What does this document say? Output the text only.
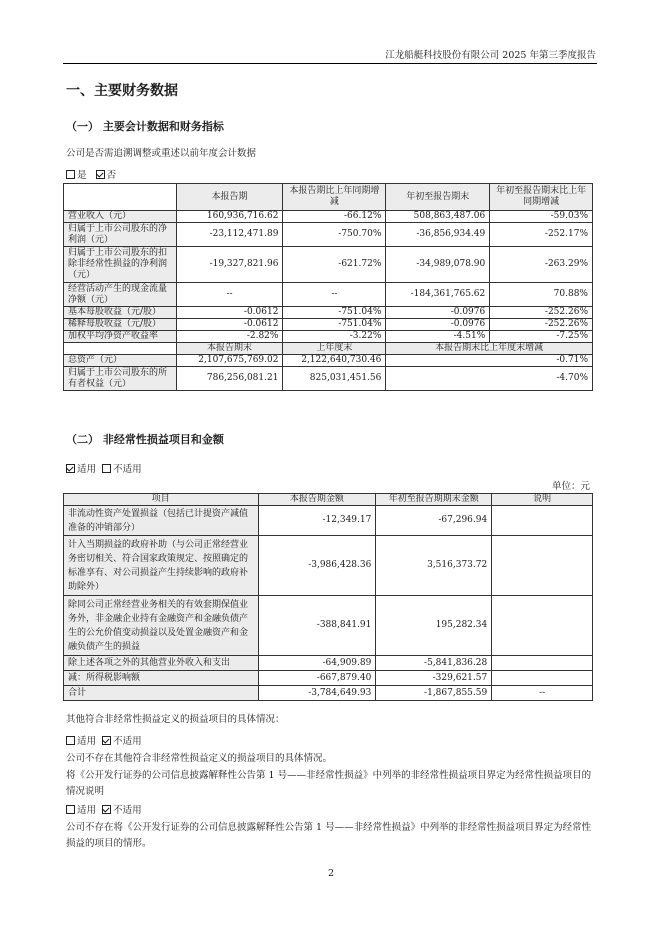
江龙船艇科技股份有限公司 2025 年第三季度报告
一、主要财务数据
（一） 主要会计数据和财务指标
公司是否需追溯调整或重述以前年度会计数据
是 否
	本报告期	本报告期比上年同期增减	年初至报告期末	年初至报告期末比上年同期增减
营业收入（元）	160,936,716.62	-66.12%	508,863,487.06	-59.03%
归属于上市公司股东的净利润（元）	-23,112,471.89	-750.70%	-36,856,934.49	-252.17%
归属于上市公司股东的扣除非经常性损益的净利润（元）	-19,327,821.96	-621.72%	-34,989,078.90	-263.29%
经营活动产生的现金流量净额（元）	--	--	-184,361,765.62	70.88%
基本每股收益（元/股）	-0.0612	-751.04%	-0.0976	-252.26%
稀释每股收益（元/股）	-0.0612	-751.04%	-0.0976	-252.26%
加权平均净资产收益率	-2.82%	-3.22%	-4.51%	-7.25%
	本报告期末	上年度末	本报告期末比上年度末增减	
总资产（元）	2,107,675,769.02	2,122,640,730.46	-0.71%	
归属于上市公司股东的所有者权益（元）	786,256,081.21	825,031,451.56	-4.70%	
（二） 非经常性损益项目和金额
适用 不适用
单位：元
项目	本报告期金额	年初至报告期期末金额	说明
非流动性资产处置损益（包括已计提资产减值准备的冲销部分）	-12,349.17	-67,296.94	
计入当期损益的政府补助（与公司正常经营业务密切相关、符合国家政策规定、按照确定的标准享有、对公司损益产生持续影响的政府补助除外）	-3,986,428.36	3,516,373.72	
除同公司正常经营业务相关的有效套期保值业务外，非金融企业持有金融资产和金融负债产生的公允价值变动损益以及处置金融资产和金融负债产生的损益	-388,841.91	195,282.34	
除上述各项之外的其他营业外收入和支出	-64,909.89	-5,841,836.28	
减：所得税影响额	-667,879.40	-329,621.57	
合计	-3,784,649.93	-1,867,855.59	--
其他符合非经常性损益定义的损益项目的具体情况：
适用 不适用
公司不存在其他符合非经常性损益定义的损益项目的具体情况。
将《公开发行证券的公司信息披露解释性公告第 1 号——非经常性损益》中列举的非经常性损益项目界定为经常性损益项目的情况说明
适用 不适用
公司不存在将《公开发行证券的公司信息披露解释性公告第 1 号——非经常性损益》中列举的非经常性损益项目界定为经常性损益的项目的情形。
2
